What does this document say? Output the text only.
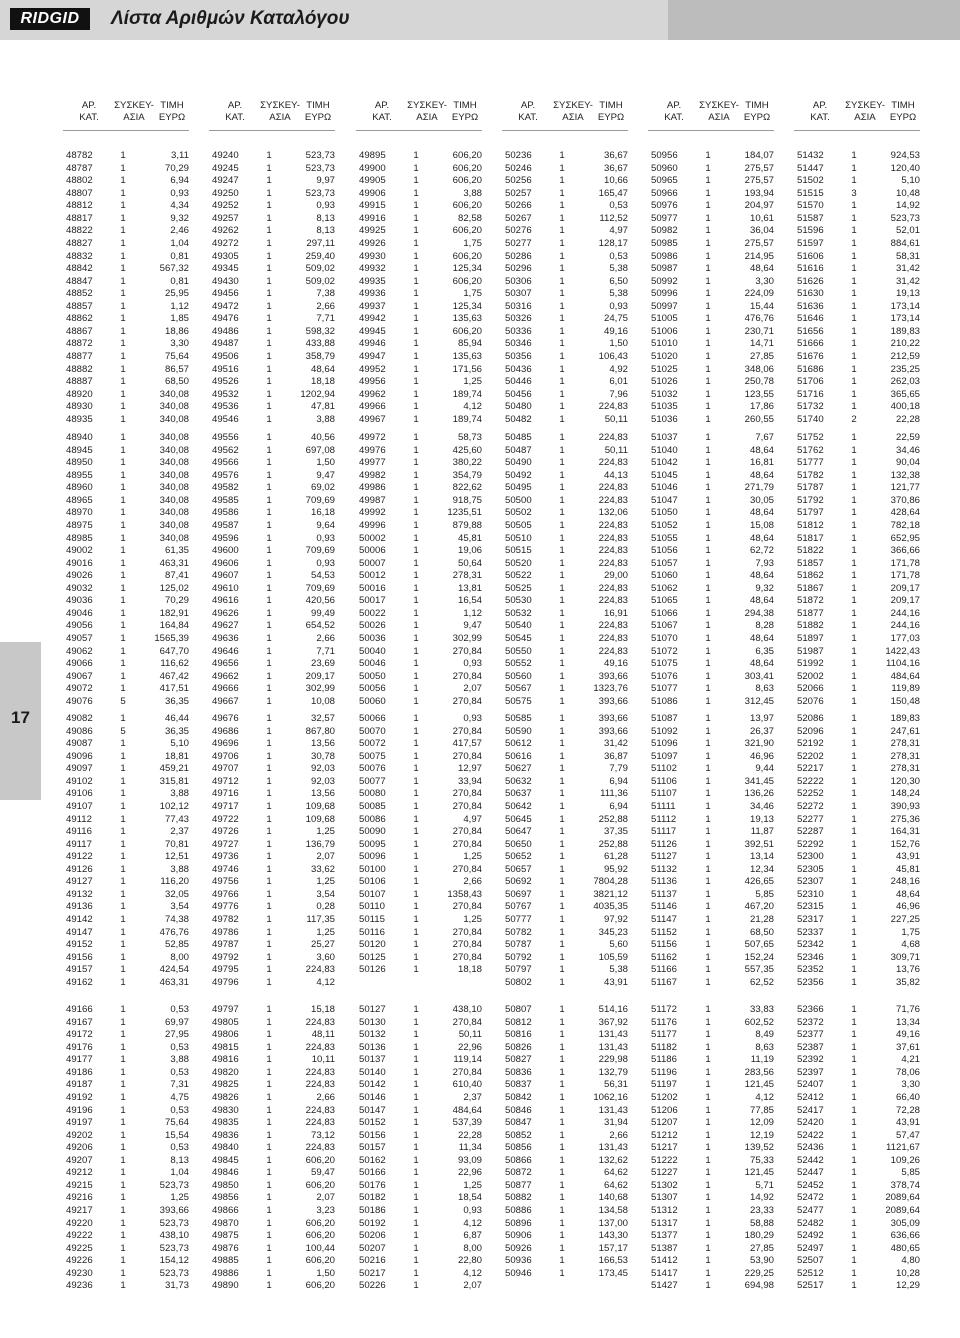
RIDGID	Λίστα Αριθμών Καταλόγου
ΑΡ.
ΚΑΤ.
ΣΥΣΚΕΥ-
ΑΣΙΑ
ΤΙΜΗ
ΕΥΡΩ
48782	1	3,11
48787	1	70,29
48802	1	6,94
48807	1	0,93
48812	1	4,34
48817	1	9,32
48822	1	2,46
48827	1	1,04
48832	1	0,81
48842	1	567,32
48847	1	0,81
48852	1	25,95
48857	1	1,12
48862	1	1,85
48867	1	18,86
48872	1	3,30
48877	1	75,64
48882	1	86,57
48887	1	68,50
48920	1	340,08
48930	1	340,08
48935	1	340,08
48940	1	340,08
48945	1	340,08
48950	1	340,08
48955	1	340,08
48960	1	340,08
48965	1	340,08
48970	1	340,08
48975	1	340,08
48985	1	340,08
49002	1	61,35
49016	1	463,31
49026	1	87,41
49032	1	125,02
49036	1	70,29
49046	1	182,91
49056	1	164,84
49057	1	1565,39
49062	1	647,70
49066	1	116,62
49067	1	467,42
49072	1	417,51
49076	5	36,35
49082	1	46,44
49086	5	36,35
49087	1	5,10
49096	1	18,81
49097	1	459,21
49102	1	315,81
49106	1	3,88
49107	1	102,12
49112	1	77,43
49116	1	2,37
49117	1	70,81
49122	1	12,51
49126	1	3,88
49127	1	116,20
49132	1	32,05
49136	1	3,54
49142	1	74,38
49147	1	476,76
49152	1	52,85
49156	1	8,00
49157	1	424,54
49162	1	463,31
49166	1	0,53
49167	1	69,97
49172	1	27,95
49176	1	0,53
49177	1	3,88
49186	1	0,53
49187	1	7,31
49192	1	4,75
49196	1	0,53
49197	1	75,64
49202	1	15,54
49206	1	0,53
49207	1	8,13
49212	1	1,04
49215	1	523,73
49216	1	1,25
49217	1	393,66
49220	1	523,73
49222	1	438,10
49225	1	523,73
49226	1	154,12
49230	1	523,73
49236	1	31,73
ΑΡ.
ΚΑΤ.
ΣΥΣΚΕΥ-
ΑΣΙΑ
ΤΙΜΗ
ΕΥΡΩ
49240	1	523,73
49245	1	523,73
49247	1	9,97
49250	1	523,73
49252	1	0,93
49257	1	8,13
49262	1	8,13
49272	1	297,11
49305	1	259,40
49345	1	509,02
49430	1	509,02
49456	1	7,38
49472	1	2,66
49476	1	7,71
49486	1	598,32
49487	1	433,88
49506	1	358,79
49516	1	48,64
49526	1	18,18
49532	1	1202,94
49536	1	47,81
49546	1	3,88
49556	1	40,56
49562	1	697,08
49566	1	1,50
49576	1	9,47
49582	1	69,02
49585	1	709,69
49586	1	16,18
49587	1	9,64
49596	1	0,93
49600	1	709,69
49606	1	0,93
49607	1	54,53
49610	1	709,69
49616	1	420,56
49626	1	99,49
49627	1	654,52
49636	1	2,66
49646	1	7,71
49656	1	23,69
49662	1	209,17
49666	1	302,99
49667	1	10,08
49676	1	32,57
49686	1	867,80
49696	1	13,56
49706	1	30,78
49707	1	92,03
49712	1	92,03
49716	1	13,56
49717	1	109,68
49722	1	109,68
49726	1	1,25
49727	1	136,79
49736	1	2,07
49746	1	33,62
49756	1	1,25
49766	1	3,54
49776	1	0,28
49782	1	117,35
49786	1	1,25
49787	1	25,27
49792	1	3,60
49795	1	224,83
49796	1	4,12
49797	1	15,18
49805	1	224,83
49806	1	48,11
49815	1	224,83
49816	1	10,11
49820	1	224,83
49825	1	224,83
49826	1	2,66
49830	1	224,83
49835	1	224,83
49836	1	73,12
49840	1	224,83
49845	1	606,20
49846	1	59,47
49850	1	606,20
49856	1	2,07
49866	1	3,23
49870	1	606,20
49875	1	606,20
49876	1	100,44
49885	1	606,20
49886	1	1,50
49890	1	606,20
ΑΡ.
ΚΑΤ.
ΣΥΣΚΕΥ-
ΑΣΙΑ
ΤΙΜΗ
ΕΥΡΩ
49895	1	606,20
49900	1	606,20
49905	1	606,20
49906	1	3,88
49915	1	606,20
49916	1	82,58
49925	1	606,20
49926	1	1,75
49930	1	606,20
49932	1	125,34
49935	1	606,20
49936	1	1,75
49937	1	125,34
49942	1	135,63
49945	1	606,20
49946	1	85,94
49947	1	135,63
49952	1	171,56
49956	1	1,25
49962	1	189,74
49966	1	4,12
49967	1	189,74
49972	1	58,73
49976	1	425,60
49977	1	380,22
49982	1	354,79
49986	1	822,62
49987	1	918,75
49992	1	1235,51
49996	1	879,88
50002	1	45,81
50006	1	19,06
50007	1	50,64
50012	1	278,31
50016	1	13,81
50017	1	16,54
50022	1	1,12
50026	1	9,47
50036	1	302,99
50040	1	270,84
50046	1	0,93
50050	1	270,84
50056	1	2,07
50060	1	270,84
50066	1	0,93
50070	1	270,84
50072	1	417,57
50075	1	270,84
50076	1	12,97
50077	1	33,94
50080	1	270,84
50085	1	270,84
50086	1	4,97
50090	1	270,84
50095	1	270,84
50096	1	1,25
50100	1	270,84
50106	1	2,66
50107	1	1358,43
50110	1	270,84
50115	1	1,25
50116	1	270,84
50120	1	270,84
50125	1	270,84
50126	1	18,18
50127	1	438,10
50130	1	270,84
50132	1	50,11
50136	1	22,96
50137	1	119,14
50140	1	270,84
50142	1	610,40
50146	1	2,37
50147	1	484,64
50152	1	537,39
50156	1	22,28
50157	1	11,34
50162	1	93,09
50166	1	22,96
50176	1	1,25
50182	1	18,54
50186	1	0,93
50192	1	4,12
50206	1	6,87
50207	1	8,00
50216	1	22,80
50217	1	4,12
50226	1	2,07
ΑΡ.
ΚΑΤ.
ΣΥΣΚΕΥ-
ΑΣΙΑ
ΤΙΜΗ
ΕΥΡΩ
50236	1	36,67
50246	1	36,67
50256	1	10,66
50257	1	165,47
50266	1	0,53
50267	1	112,52
50276	1	4,97
50277	1	128,17
50286	1	0,53
50296	1	5,38
50306	1	6,50
50307	1	5,38
50316	1	0,93
50326	1	24,75
50336	1	49,16
50346	1	1,50
50356	1	106,43
50436	1	4,92
50446	1	6,01
50456	1	7,96
50480	1	224,83
50482	1	50,11
50485	1	224,83
50487	1	50,11
50490	1	224,83
50492	1	44,13
50495	1	224,83
50500	1	224,83
50502	1	132,06
50505	1	224,83
50510	1	224,83
50515	1	224,83
50520	1	224,83
50522	1	29,00
50525	1	224,83
50530	1	224,83
50532	1	16,91
50540	1	224,83
50545	1	224,83
50550	1	224,83
50552	1	49,16
50560	1	393,66
50567	1	1323,76
50575	1	393,66
50585	1	393,66
50590	1	393,66
50612	1	31,42
50616	1	36,87
50627	1	7,79
50632	1	6,94
50637	1	111,36
50642	1	6,94
50645	1	252,88
50647	1	37,35
50650	1	252,88
50652	1	61,28
50657	1	95,92
50692	1	7804,28
50697	1	3821,12
50767	1	4035,35
50777	1	97,92
50782	1	345,23
50787	1	5,60
50792	1	105,59
50797	1	5,38
50802	1	43,91
50807	1	514,16
50812	1	367,92
50816	1	131,43
50826	1	131,43
50827	1	229,98
50836	1	132,79
50837	1	56,31
50842	1	1062,16
50846	1	131,43
50847	1	31,94
50852	1	2,66
50856	1	131,43
50866	1	132,62
50872	1	64,62
50877	1	64,62
50882	1	140,68
50886	1	134,58
50896	1	137,00
50906	1	143,30
50926	1	157,17
50936	1	166,53
50946	1	173,45
ΑΡ.
ΚΑΤ.
ΣΥΣΚΕΥ-
ΑΣΙΑ
ΤΙΜΗ
ΕΥΡΩ
50956	1	184,07
50960	1	275,57
50965	1	275,57
50966	1	193,94
50976	1	204,97
50977	1	10,61
50982	1	36,04
50985	1	275,57
50986	1	214,95
50987	1	48,64
50992	1	3,30
50996	1	224,09
50997	1	15,44
51005	1	476,76
51006	1	230,71
51010	1	14,71
51020	1	27,85
51025	1	348,06
51026	1	250,78
51032	1	123,55
51035	1	17,86
51036	1	260,55
51037	1	7,67
51040	1	48,64
51042	1	16,81
51045	1	48,64
51046	1	271,79
51047	1	30,05
51050	1	48,64
51052	1	15,08
51055	1	48,64
51056	1	62,72
51057	1	7,93
51060	1	48,64
51062	1	9,32
51065	1	48,64
51066	1	294,38
51067	1	8,28
51070	1	48,64
51072	1	6,35
51075	1	48,64
51076	1	303,41
51077	1	8,63
51086	1	312,45
51087	1	13,97
51092	1	26,37
51096	1	321,90
51097	1	46,96
51102	1	9,44
51106	1	341,45
51107	1	136,26
51111	1	34,46
51112	1	19,13
51117	1	11,87
51126	1	392,51
51127	1	13,14
51132	1	12,34
51136	1	426,65
51137	1	5,85
51146	1	467,20
51147	1	21,28
51152	1	68,50
51156	1	507,65
51162	1	152,24
51166	1	557,35
51167	1	62,52
51172	1	33,83
51176	1	602,52
51177	1	8,49
51182	1	8,63
51186	1	11,19
51196	1	283,56
51197	1	121,45
51202	1	4,12
51206	1	77,85
51207	1	12,09
51212	1	12,19
51217	1	139,52
51222	1	75,33
51227	1	121,45
51302	1	5,71
51307	1	14,92
51312	1	23,33
51317	1	58,88
51377	1	180,29
51387	1	27,85
51412	1	53,90
51417	1	229,25
51427	1	694,98
ΑΡ.
ΚΑΤ.
ΣΥΣΚΕΥ-
ΑΣΙΑ
ΤΙΜΗ
ΕΥΡΩ
51432	1	924,53
51447	1	120,40
51502	1	5,10
51515	3	10,48
51570	1	14,92
51587	1	523,73
51596	1	52,01
51597	1	884,61
51606	1	58,31
51616	1	31,42
51626	1	31,42
51630	1	19,13
51636	1	173,14
51646	1	173,14
51656	1	189,83
51666	1	210,22
51676	1	212,59
51686	1	235,25
51706	1	262,03
51716	1	365,65
51732	1	400,18
51740	2	22,28
51752	1	22,59
51762	1	34,46
51777	1	90,04
51782	1	132,38
51787	1	121,77
51792	1	370,86
51797	1	428,64
51812	1	782,18
51817	1	652,95
51822	1	366,66
51857	1	171,78
51862	1	171,78
51867	1	209,17
51872	1	209,17
51877	1	244,16
51882	1	244,16
51897	1	177,03
51987	1	1422,43
51992	1	1104,16
52002	1	484,64
52066	1	119,89
52076	1	150,48
52086	1	189,83
52096	1	247,61
52192	1	278,31
52202	1	278,31
52217	1	278,31
52222	1	120,30
52252	1	148,24
52272	1	390,93
52277	1	275,36
52287	1	164,31
52292	1	152,76
52300	1	43,91
52305	1	45,81
52307	1	248,16
52310	1	48,64
52315	1	46,96
52317	1	227,25
52337	1	1,75
52342	1	4,68
52346	1	309,71
52352	1	13,76
52356	1	35,82
52366	1	71,76
52372	1	13,34
52377	1	49,16
52387	1	37,61
52392	1	4,21
52397	1	78,06
52407	1	3,30
52412	1	66,40
52417	1	72,28
52420	1	43,91
52422	1	57,47
52436	1	1121,67
52442	1	109,26
52447	1	5,85
52452	1	378,74
52472	1	2089,64
52477	1	2089,64
52482	1	305,09
52492	1	636,66
52497	1	480,65
52507	1	4,80
52512	1	10,28
52517	1	12,29
17
